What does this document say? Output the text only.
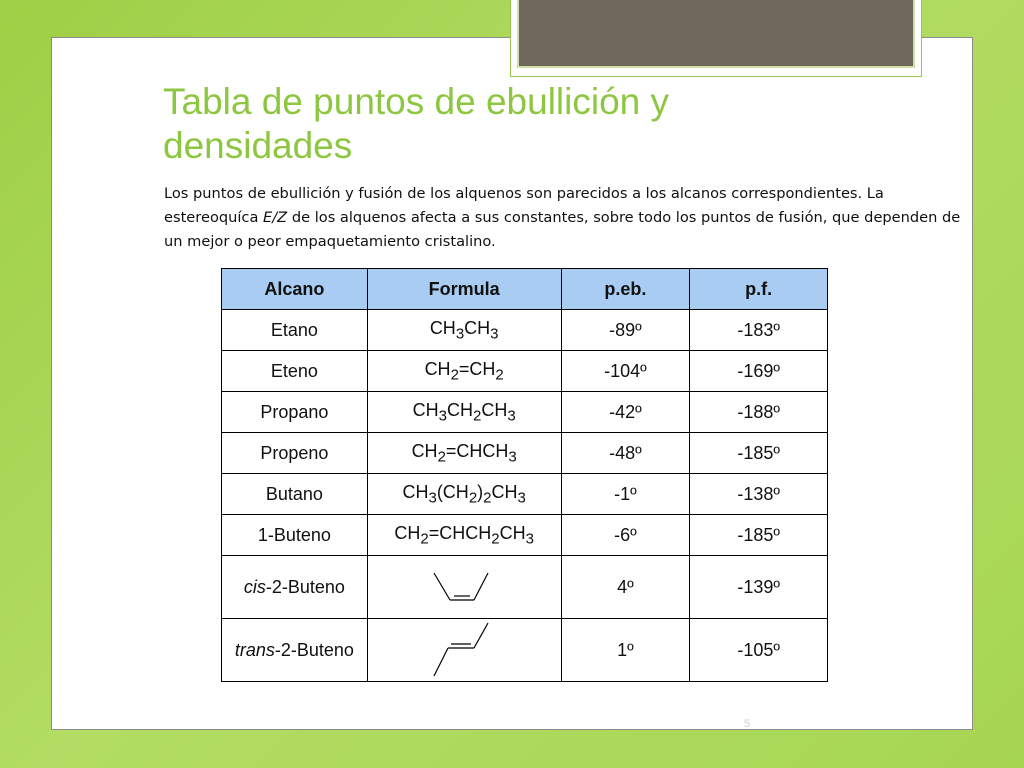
Tabla de puntos de ebullición y densidades

Los puntos de ebullición y fusión de los alquenos son parecidos a los alcanos correspondientes. La estereoquíca E/Z de los alquenos afecta a sus constantes, sobre todo los puntos de fusión, que dependen de un mejor o peor empaquetamiento cristalino.

Alcano	Formula	p.eb.	p.f.
Etano	$CH_3CH_3$	-89º	-183º
Eteno	$CH_2=CH_2$	-104º	-169º
Propano	$CH_3CH_2CH_3$	-42º	-188º
Propeno	$CH_2=CHCH_3$	-48º	-185º
Butano	$CH_3(CH_2)_2CH_3$	-1º	-138º
1-Buteno	$CH_2=CHCH_2CH_3$	-6º	-185º
cis-2-Buteno		4º	-139º
trans-2-Buteno		1º	-105º
5
